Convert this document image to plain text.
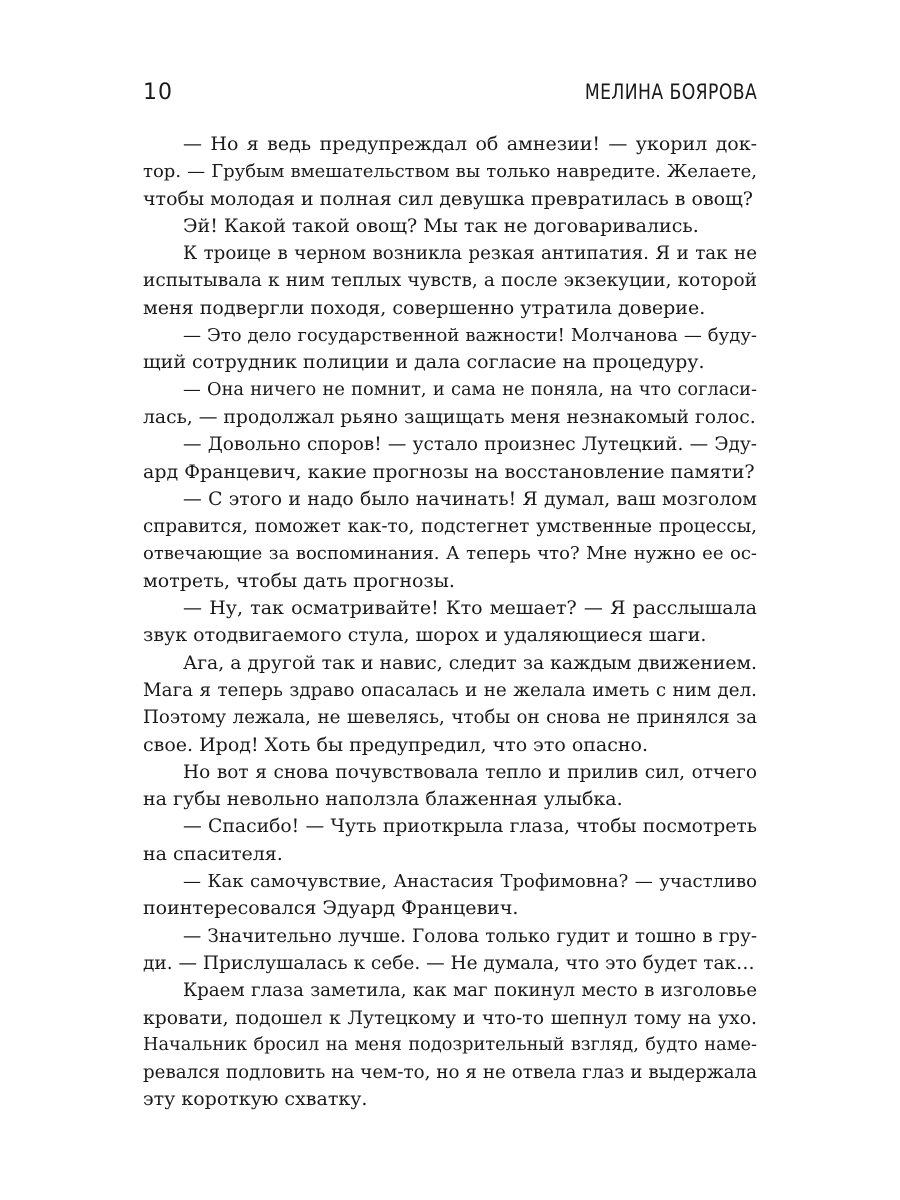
10	МЕЛИНА БОЯРОВА
— Но я ведь предупреждал об амнезии! — укорил док-
тор. — Грубым вмешательством вы только навредите. Желаете,
чтобы молодая и полная сил девушка превратилась в овощ?
Эй! Какой такой овощ? Мы так не договаривались.
К троице в черном возникла резкая антипатия. Я и так не
испытывала к ним теплых чувств, а после экзекуции, которой
меня подвергли походя, совершенно утратила доверие.
— Это дело государственной важности! Молчанова — буду-
щий сотрудник полиции и дала согласие на процедуру.
— Она ничего не помнит, и сама не поняла, на что согласи-
лась, — продолжал рьяно защищать меня незнакомый голос.
— Довольно споров! — устало произнес Лутецкий. — Эду-
ард Францевич, какие прогнозы на восстановление памяти?
— С этого и надо было начинать! Я думал, ваш мозголом
справится, поможет как-то, подстегнет умственные процессы,
отвечающие за воспоминания. А теперь что? Мне нужно ее ос-
мотреть, чтобы дать прогнозы.
— Ну, так осматривайте! Кто мешает? — Я расслышала
звук отодвигаемого стула, шорох и удаляющиеся шаги.
Ага, а другой так и навис, следит за каждым движением.
Мага я теперь здраво опасалась и не желала иметь с ним дел.
Поэтому лежала, не шевелясь, чтобы он снова не принялся за
свое. Ирод! Хоть бы предупредил, что это опасно.
Но вот я снова почувствовала тепло и прилив сил, отчего
на губы невольно наползла блаженная улыбка.
— Спасибо! — Чуть приоткрыла глаза, чтобы посмотреть
на спасителя.
— Как самочувствие, Анастасия Трофимовна? — участливо
поинтересовался Эдуард Францевич.
— Значительно лучше. Голова только гудит и тошно в гру-
ди. — Прислушалась к себе. — Не думала, что это будет так…
Краем глаза заметила, как маг покинул место в изголовье
кровати, подошел к Лутецкому и что-то шепнул тому на ухо.
Начальник бросил на меня подозрительный взгляд, будто наме-
ревался подловить на чем-то, но я не отвела глаз и выдержала
эту короткую схватку.
